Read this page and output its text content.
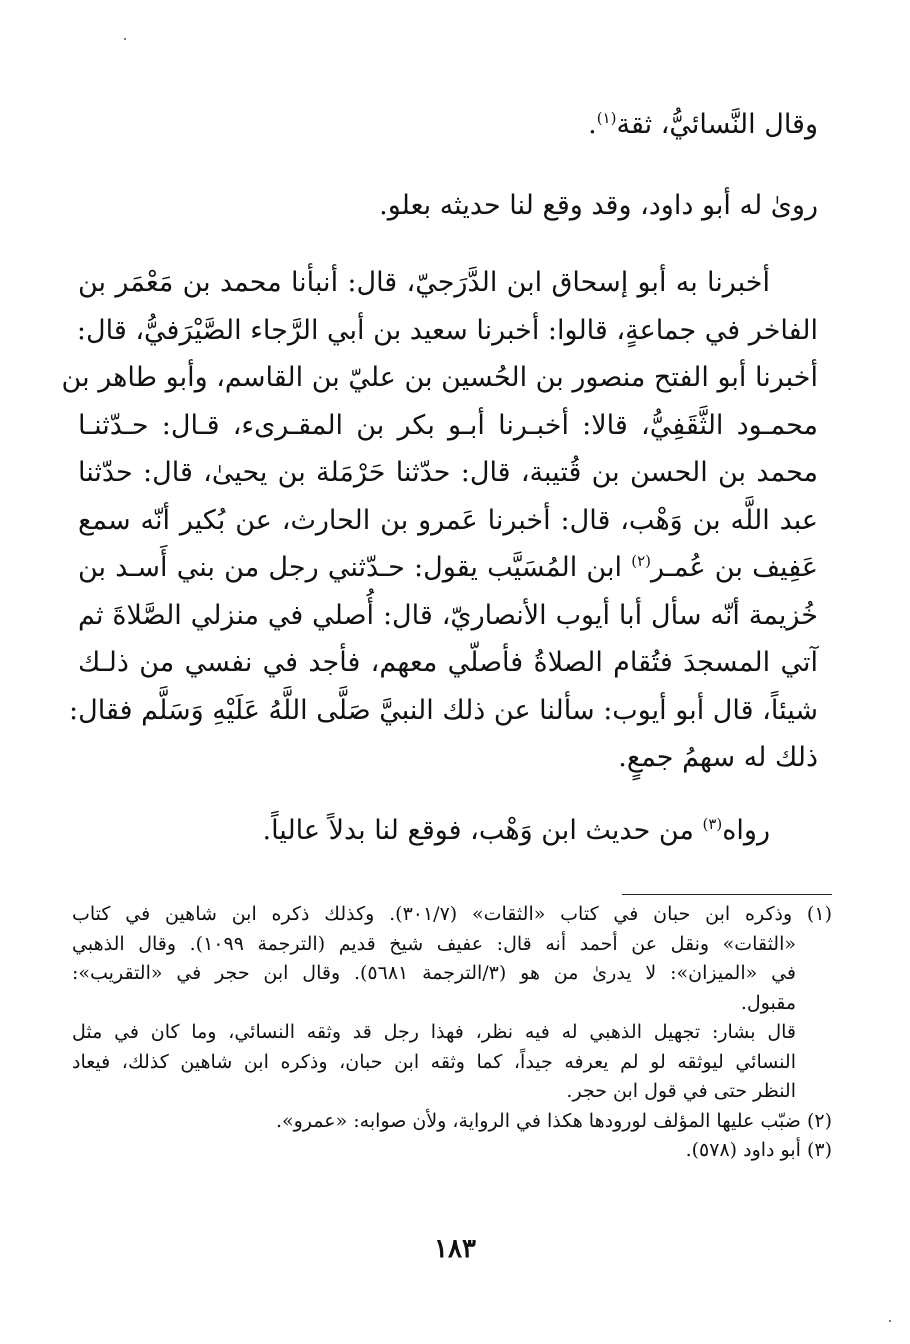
وقال النَّسائيُّ، ثقة$^{(١)}$.
روىٰ له أبو داود، وقد وقع لنا حديثه بعلو.
أخبرنا به أبو إسحاق ابن الدَّرَجيّ، قال: أنبأنا محمد بن مَعْمَر بن
الفاخر في جماعةٍ، قالوا: أخبرنا سعيد بن أبي الرَّجاء الصَّيْرَفيُّ، قال:
أخبرنا أبو الفتح منصور بن الحُسين بن عليّ بن القاسم، وأبو طاهر بن
محمـود الثَّقَفِيُّ، قالا: أخبـرنا أبـو بكر بن المقـرىء، قـال: حـدّثنـا
محمد بن الحسن بن قُتيبة، قال: حدّثنا حَرْمَلة بن يحيىٰ، قال: حدّثنا
عبد اللَّه بن وَهْب، قال: أخبرنا عَمرو بن الحارث، عن بُكير أنّه سمع
عَفِيف بن عُمـر$^{(٢)}$ ابن المُسَيَّب يقول: حـدّثني رجل من بني أَسـد بن
خُزيمة أنّه سأل أبا أيوب الأنصاريّ، قال: أُصلي في منزلي الصَّلاةَ ثم
آتي المسجدَ فتُقام الصلاةُ فأصلّي معهم، فأجد في نفسي من ذلـك
شيئاً، قال أبو أيوب: سألنا عن ذلك النبيَّ صَلَّى اللَّهُ عَلَيْهِ وَسَلَّم فقال:
ذلك له سهمُ جمعٍ.
رواه$^{(٣)}$ من حديث ابن وَهْب، فوقع لنا بدلاً عالياً.
(١) وذكره ابن حبان في كتاب «الثقات» (٣٠١/٧). وكذلك ذكره ابن شاهين في كتاب
«الثقات» ونقل عن أحمد أنه قال: عفيف شيخ قديم (الترجمة ١٠٩٩). وقال الذهبي
في «الميزان»: لا يدرىٰ من هو (٣/الترجمة ٥٦٨١). وقال ابن حجر في «التقريب»:
مقبول.
قال بشار: تجهيل الذهبي له فيه نظر، فهذا رجل قد وثقه النسائي، وما كان في مثل
النسائي ليوثقه لو لم يعرفه جيداً، كما وثقه ابن حبان، وذكره ابن شاهين كذلك، فيعاد
النظر حتى في قول ابن حجر.
(٢) ضبّب عليها المؤلف لورودها هكذا في الرواية، ولأن صوابه: «عمرو».
(٣) أبو داود (٥٧٨).
١٨٣
